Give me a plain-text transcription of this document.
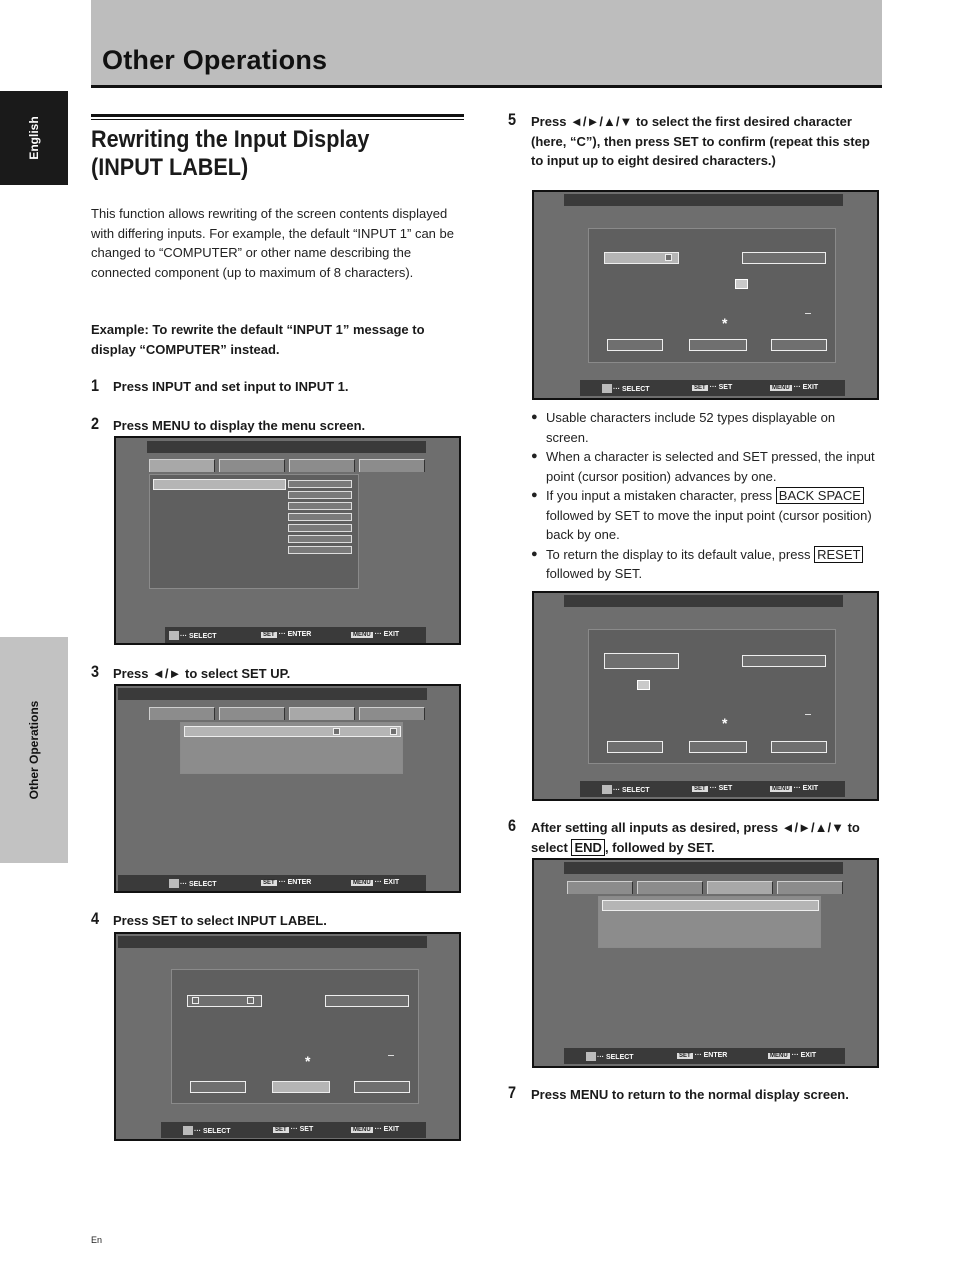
Other Operations
English
Other Operations
Rewriting the Input Display
(INPUT LABEL)
This function allows rewriting of the screen contents displayed with differing inputs. For example, the default “INPUT 1” can be changed to “COMPUTER” or other name describing the connected component (up to maximum of 8 characters).
Example: To rewrite the default “INPUT 1” message to display “COMPUTER” instead.
1 Press INPUT and set input to INPUT 1.
2 Press MENU to display the menu screen.
··· SELECT	SET ··· ENTER	MENU ··· EXIT
3 Press ◄/► to select SET UP.
··· SELECT	SET ··· ENTER	MENU ··· EXIT
4 Press SET to select INPUT LABEL.
*
··· SELECT	SET ··· SET	MENU ··· EXIT
5 Press ◄/►/▲/▼ to select the first desired character (here, “C”), then press SET to confirm (repeat this step to input up to eight desired characters.)
*
··· SELECT	SET ··· SET	MENU ··· EXIT
● Usable characters include 52 types displayable on screen.
● When a character is selected and SET pressed, the input point (cursor position) advances by one.
● If you input a mistaken character, press BACK SPACE followed by SET to move the input point (cursor position) back by one.
● To return the display to its default value, press RESET followed by SET.
*
··· SELECT	SET ··· SET	MENU ··· EXIT
6 After setting all inputs as desired, press ◄/►/▲/▼ to select END , followed by SET.
··· SELECT	SET ··· ENTER	MENU ··· EXIT
7 Press MENU to return to the normal display screen.
En
